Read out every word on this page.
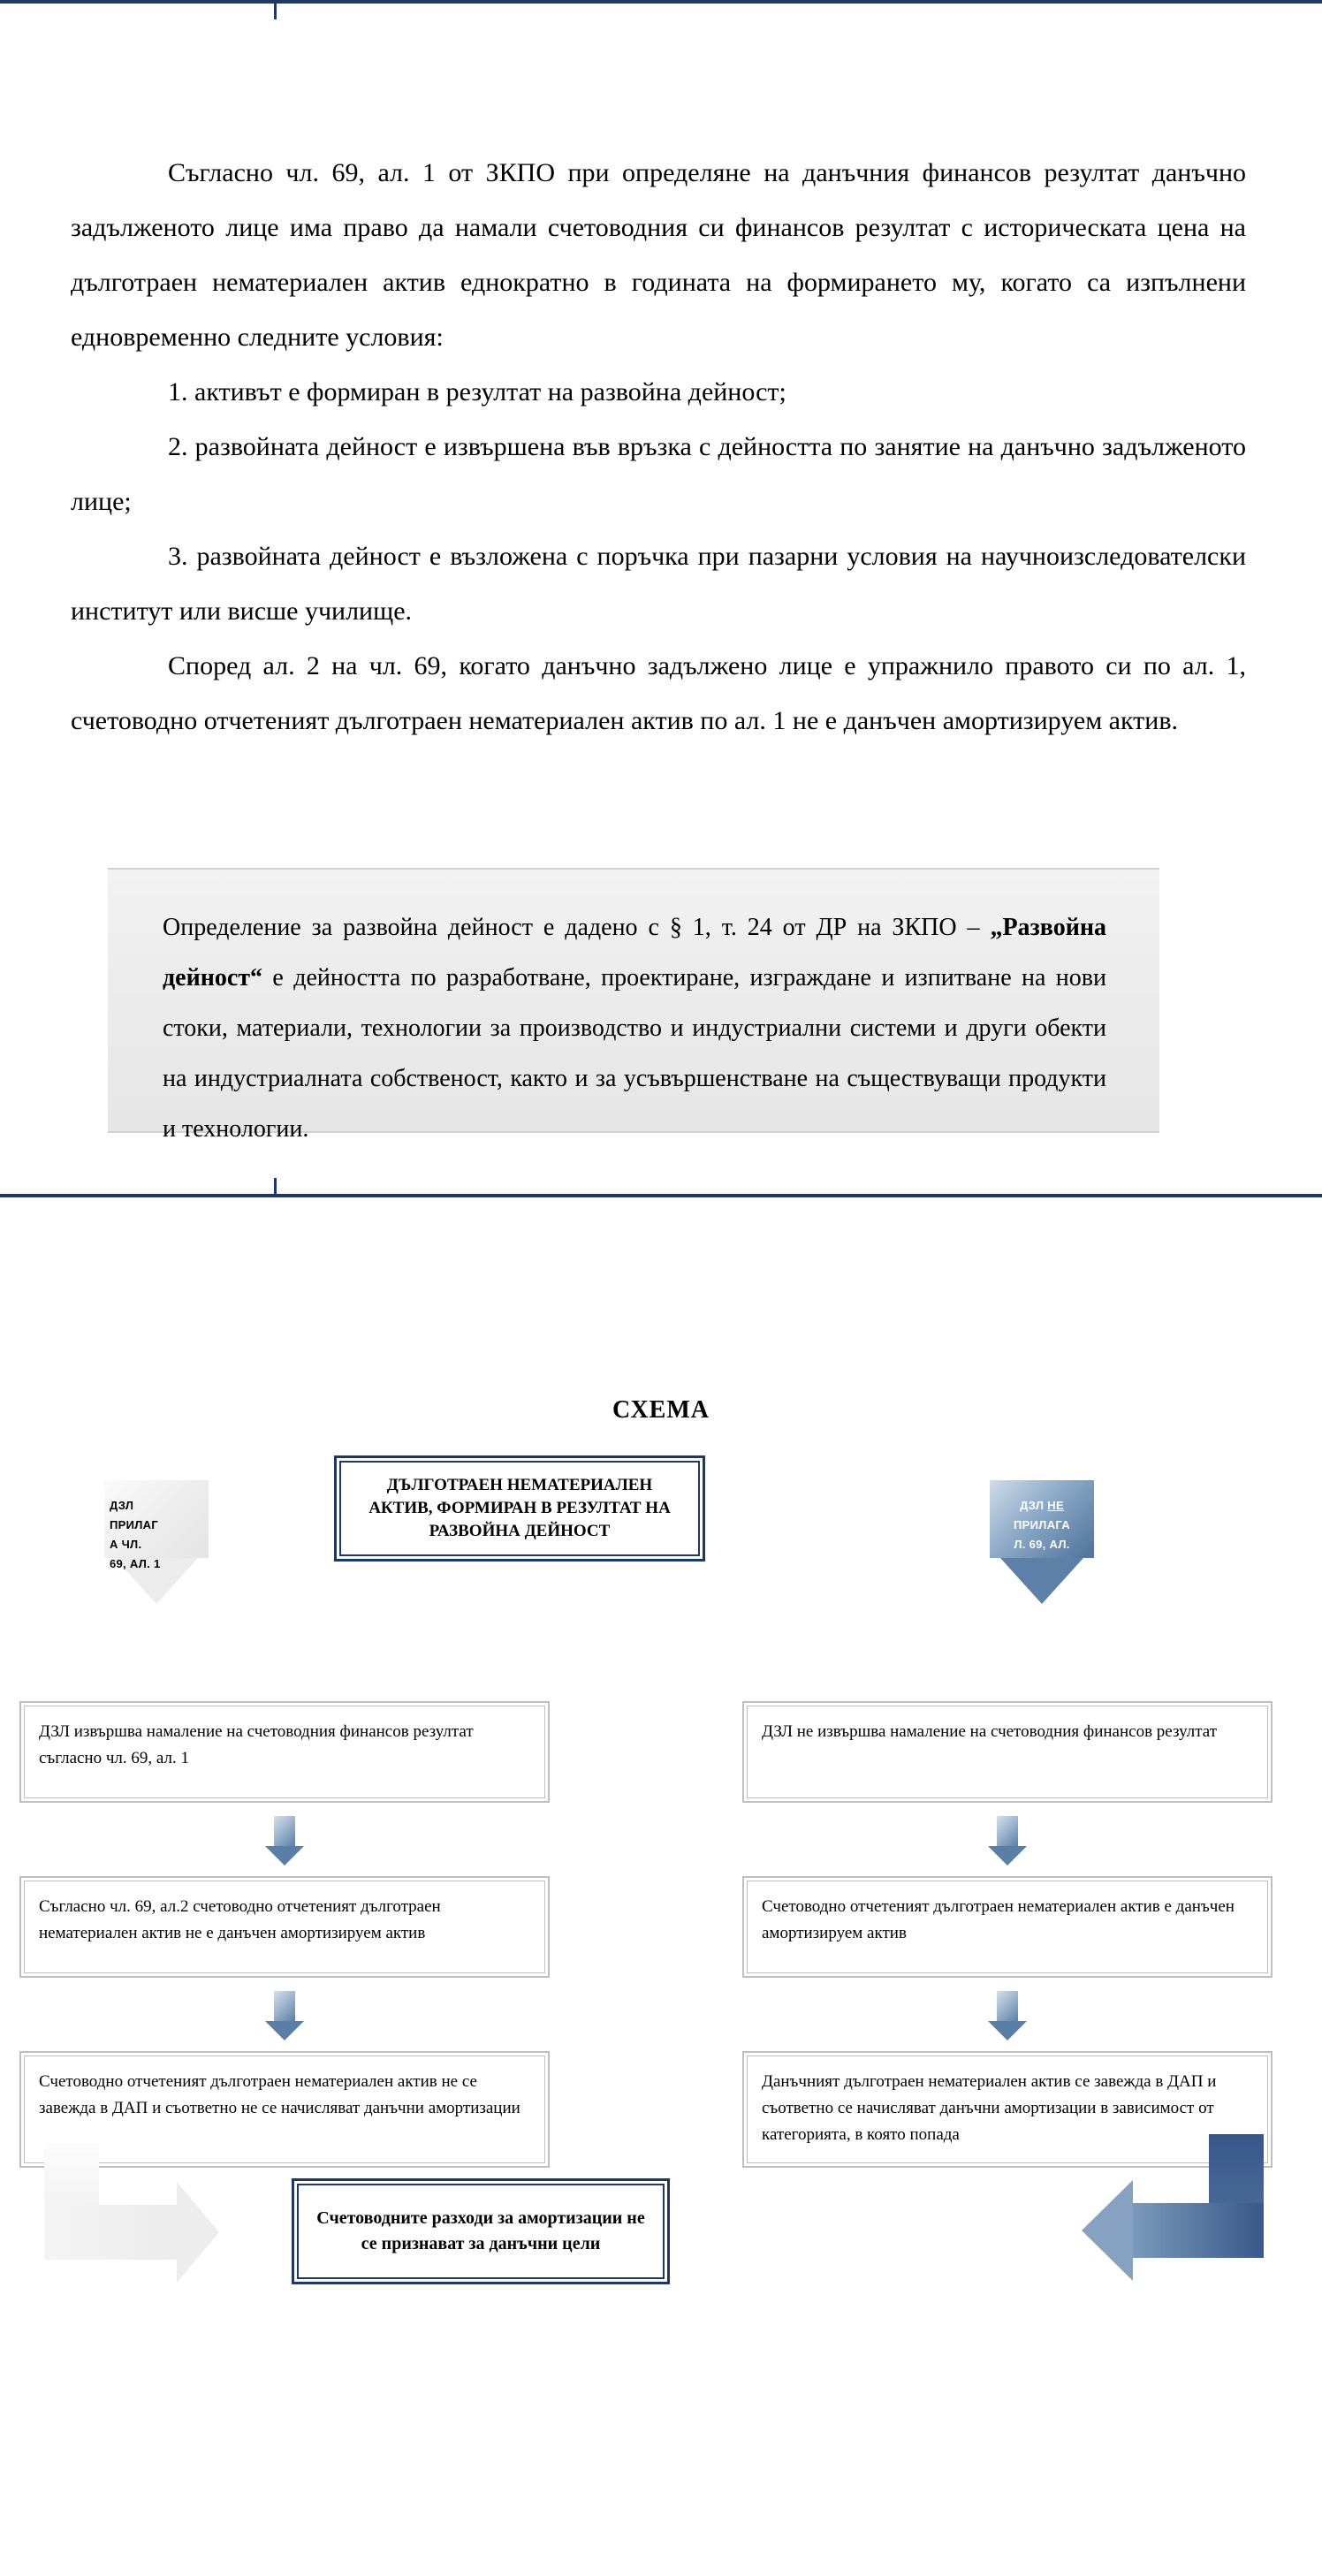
Съгласно чл. 69, ал. 1 от ЗКПО при определяне на данъчния финансов резултат данъчно задълженото лице има право да намали счетоводния си финансов резултат с историческата цена на дълготраен нематериален актив еднократно в годината на формирането му, когато са изпълнени едновременно следните условия:

1. активът е формиран в резултат на развойна дейност;

2. развойната дейност е извършена във връзка с дейността по занятие на данъчно задълженото лице;

3. развойната дейност е възложена с поръчка при пазарни условия на научноизследователски институт или висше училище.

Според ал. 2 на чл. 69, когато данъчно задължено лице е упражнило правото си по ал. 1, счетоводно отчетеният дълготраен нематериален актив по ал. 1 не е данъчен амортизируем актив.

Определение за развойна дейност е дадено с § 1, т. 24 от ДР на ЗКПО – „Развойна дейност“ е дейността по разработване, проектиране, изграждане и изпитване на нови стоки, материали, технологии за производство и индустриални системи и други обекти на индустриалната собственост, както и за усъвършенстване на съществуващи продукти и технологии.
СХЕМА
ДЪЛГОТРАЕН НЕМАТЕРИАЛЕН АКТИВ, ФОРМИРАН В РЕЗУЛТАТ НА РАЗВОЙНА ДЕЙНОСТ
ДЗЛ
ПРИЛАГ
А ЧЛ.
69, АЛ. 1
ДЗЛ НЕ
ПРИЛАГА
Л. 69, АЛ.
ДЗЛ извършва намаление на счетоводния финансов резултат съгласно чл. 69, ал. 1
Съгласно чл. 69, ал.2 счетоводно отчетеният дълготраен нематериален актив не е данъчен амортизируем актив
Счетоводно отчетеният дълготраен нематериален актив не се завежда в ДАП и съответно не се начисляват данъчни амортизации
ДЗЛ не извършва намаление на счетоводния финансов резултат
Счетоводно отчетеният дълготраен нематериален актив е данъчен амортизируем актив
Данъчният дълготраен нематериален актив се завежда в ДАП и съответно се начисляват данъчни амортизации в зависимост от категорията, в която попада
Счетоводните разходи за амортизации не се признават за данъчни цели
